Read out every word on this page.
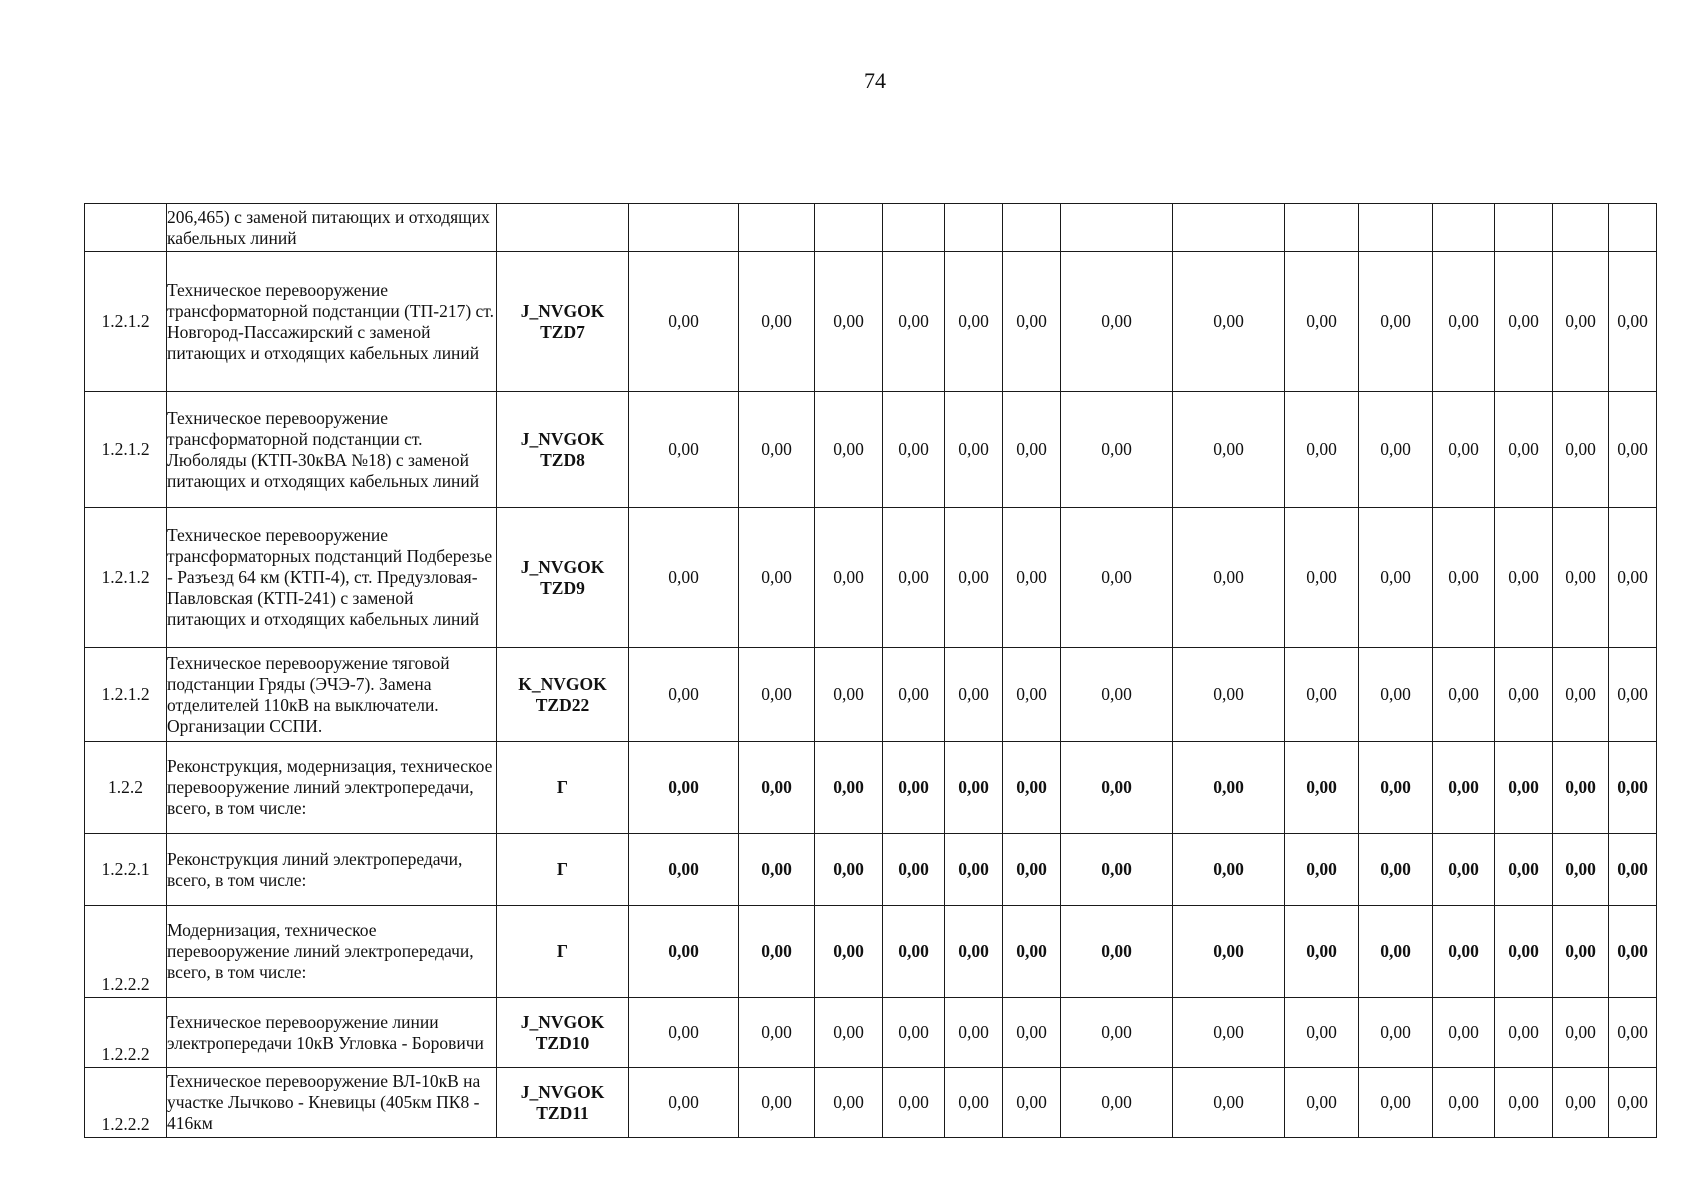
74
	206,465) с заменой питающих и отходящих кабельных линий															
1.2.1.2	Техническое перевооружение трансформаторной подстанции (ТП-217) ст. Новгород-Пассажирский с заменой питающих и отходящих кабельных линий	J_NVGOK TZD7	0,00	0,00	0,00	0,00	0,00	0,00	0,00	0,00	0,00	0,00	0,00	0,00	0,00	0,00
1.2.1.2	Техническое перевооружение трансформаторной подстанции ст. Люболяды (КТП-30кВА №18) с заменой питающих и отходящих кабельных линий	J_NVGOK TZD8	0,00	0,00	0,00	0,00	0,00	0,00	0,00	0,00	0,00	0,00	0,00	0,00	0,00	0,00
1.2.1.2	Техническое перевооружение трансформаторных подстанций Подберезье - Разъезд 64 км (КТП-4), ст. Предузловая-Павловская (КТП-241) с заменой питающих и отходящих кабельных линий	J_NVGOK TZD9	0,00	0,00	0,00	0,00	0,00	0,00	0,00	0,00	0,00	0,00	0,00	0,00	0,00	0,00
1.2.1.2	Техническое перевооружение тяговой подстанции Гряды (ЭЧЭ-7). Замена отделителей 110кВ на выключатели. Организации ССПИ.	K_NVGOK TZD22	0,00	0,00	0,00	0,00	0,00	0,00	0,00	0,00	0,00	0,00	0,00	0,00	0,00	0,00
1.2.2	Реконструкция, модернизация, техническое перевооружение линий электропередачи, всего, в том числе:	Г	0,00	0,00	0,00	0,00	0,00	0,00	0,00	0,00	0,00	0,00	0,00	0,00	0,00	0,00
1.2.2.1	Реконструкция линий электропередачи, всего, в том числе:	Г	0,00	0,00	0,00	0,00	0,00	0,00	0,00	0,00	0,00	0,00	0,00	0,00	0,00	0,00
1.2.2.2	Модернизация, техническое перевооружение линий электропередачи, всего, в том числе:	Г	0,00	0,00	0,00	0,00	0,00	0,00	0,00	0,00	0,00	0,00	0,00	0,00	0,00	0,00
1.2.2.2	Техническое перевооружение линии электропередачи 10кВ Угловка - Боровичи	J_NVGOK TZD10	0,00	0,00	0,00	0,00	0,00	0,00	0,00	0,00	0,00	0,00	0,00	0,00	0,00	0,00
1.2.2.2	Техническое перевооружение ВЛ-10кВ на участке Лычково - Кневицы (405км ПК8 - 416км	J_NVGOK TZD11	0,00	0,00	0,00	0,00	0,00	0,00	0,00	0,00	0,00	0,00	0,00	0,00	0,00	0,00
